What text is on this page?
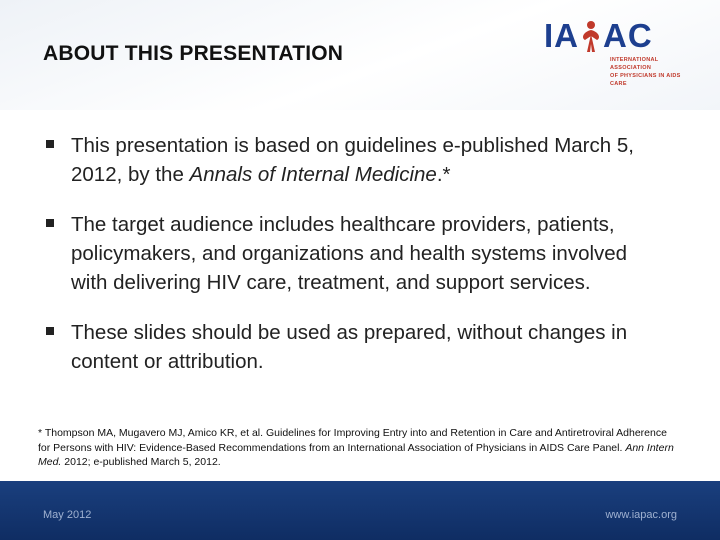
ABOUT THIS PRESENTATION	IA AC
INTERNATIONAL ASSOCIATION
OF PHYSICIANS IN AIDS CARE
This presentation is based on guidelines e-published March 5, 2012, by the Annals of Internal Medicine.*
The target audience includes healthcare providers, patients, policymakers, and organizations and health systems involved with delivering HIV care, treatment, and support services.
These slides should be used as prepared, without changes in content or attribution.
* Thompson MA, Mugavero MJ, Amico KR, et al. Guidelines for Improving Entry into and Retention in Care and Antiretroviral Adherence for Persons with HIV: Evidence-Based Recommendations from an International Association of Physicians in AIDS Care Panel. Ann Intern Med. 2012; e-published March 5, 2012.
May 2012	www.iapac.org
